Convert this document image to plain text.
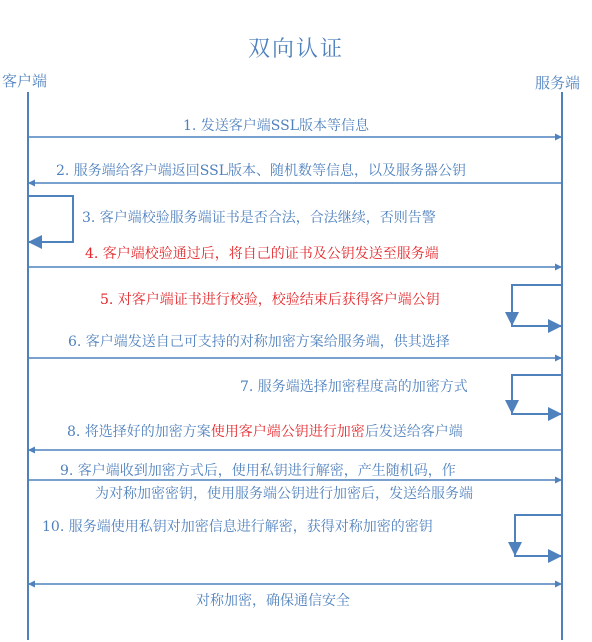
双向认证
客户端	服务端
1. 发送客户端SSL版本等信息
2. 服务端给客户端返回SSL版本、随机数等信息，以及服务器公钥
3. 客户端校验服务端证书是否合法，合法继续，否则告警
4. 客户端校验通过后，将自己的证书及公钥发送至服务端
5. 对客户端证书进行校验，校验结束后获得客户端公钥
6. 客户端发送自己可支持的对称加密方案给服务端，供其选择
7. 服务端选择加密程度高的加密方式
8. 将选择好的加密方案使用客户端公钥进行加密后发送给客户端
9. 客户端收到加密方式后，使用私钥进行解密，产生随机码，作
为对称加密密钥，使用服务端公钥进行加密后，发送给服务端
10. 服务端使用私钥对加密信息进行解密，获得对称加密的密钥
对称加密，确保通信安全
